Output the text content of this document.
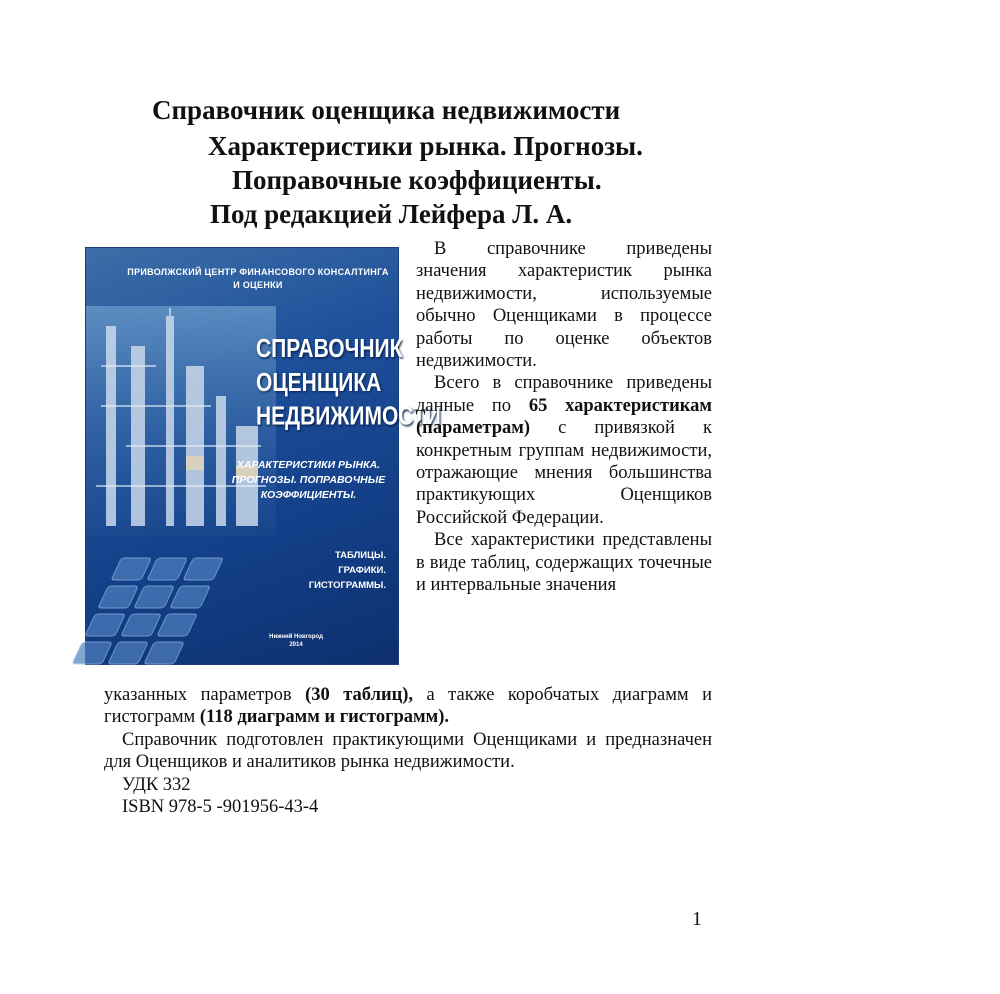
Справочник оценщика недвижимости
Характеристики рынка. Прогнозы.
Поправочные коэффициенты.
Под редакцией Лейфера Л. А.
ПРИВОЛЖСКИЙ ЦЕНТР ФИНАНСОВОГО КОНСАЛТИНГА И ОЦЕНКИ
СПРАВОЧНИК
ОЦЕНЩИКА
НЕДВИЖИМОСТИ
ХАРАКТЕРИСТИКИ РЫНКА. ПРОГНОЗЫ. ПОПРАВОЧНЫЕ КОЭФФИЦИЕНТЫ.
ТАБЛИЦЫ.
ГРАФИКИ.
ГИСТОГРАММЫ.
Нижний Новгород
2014

В справочнике приведены значения характеристик рынка недвижимости, используемые обычно Оценщиками в процессе работы по оценке объектов недвижимости.

Всего в справочнике приведены данные по 65 характеристикам (параметрам) с привязкой к конкретным группам недвижимости, отражающие мнения большинства практикующих Оценщиков Российской Федерации.

Все характеристики представлены в виде таблиц, содержащих точечные и интервальные значения

указанных параметров (30 таблиц), а также коробчатых диаграмм и гистограмм (118 диаграмм и гистограмм).

Справочник подготовлен практикующими Оценщиками и предназначен для Оценщиков и аналитиков рынка недвижимости.

УДК 332

ISBN 978-5 -901956-43-4

1
